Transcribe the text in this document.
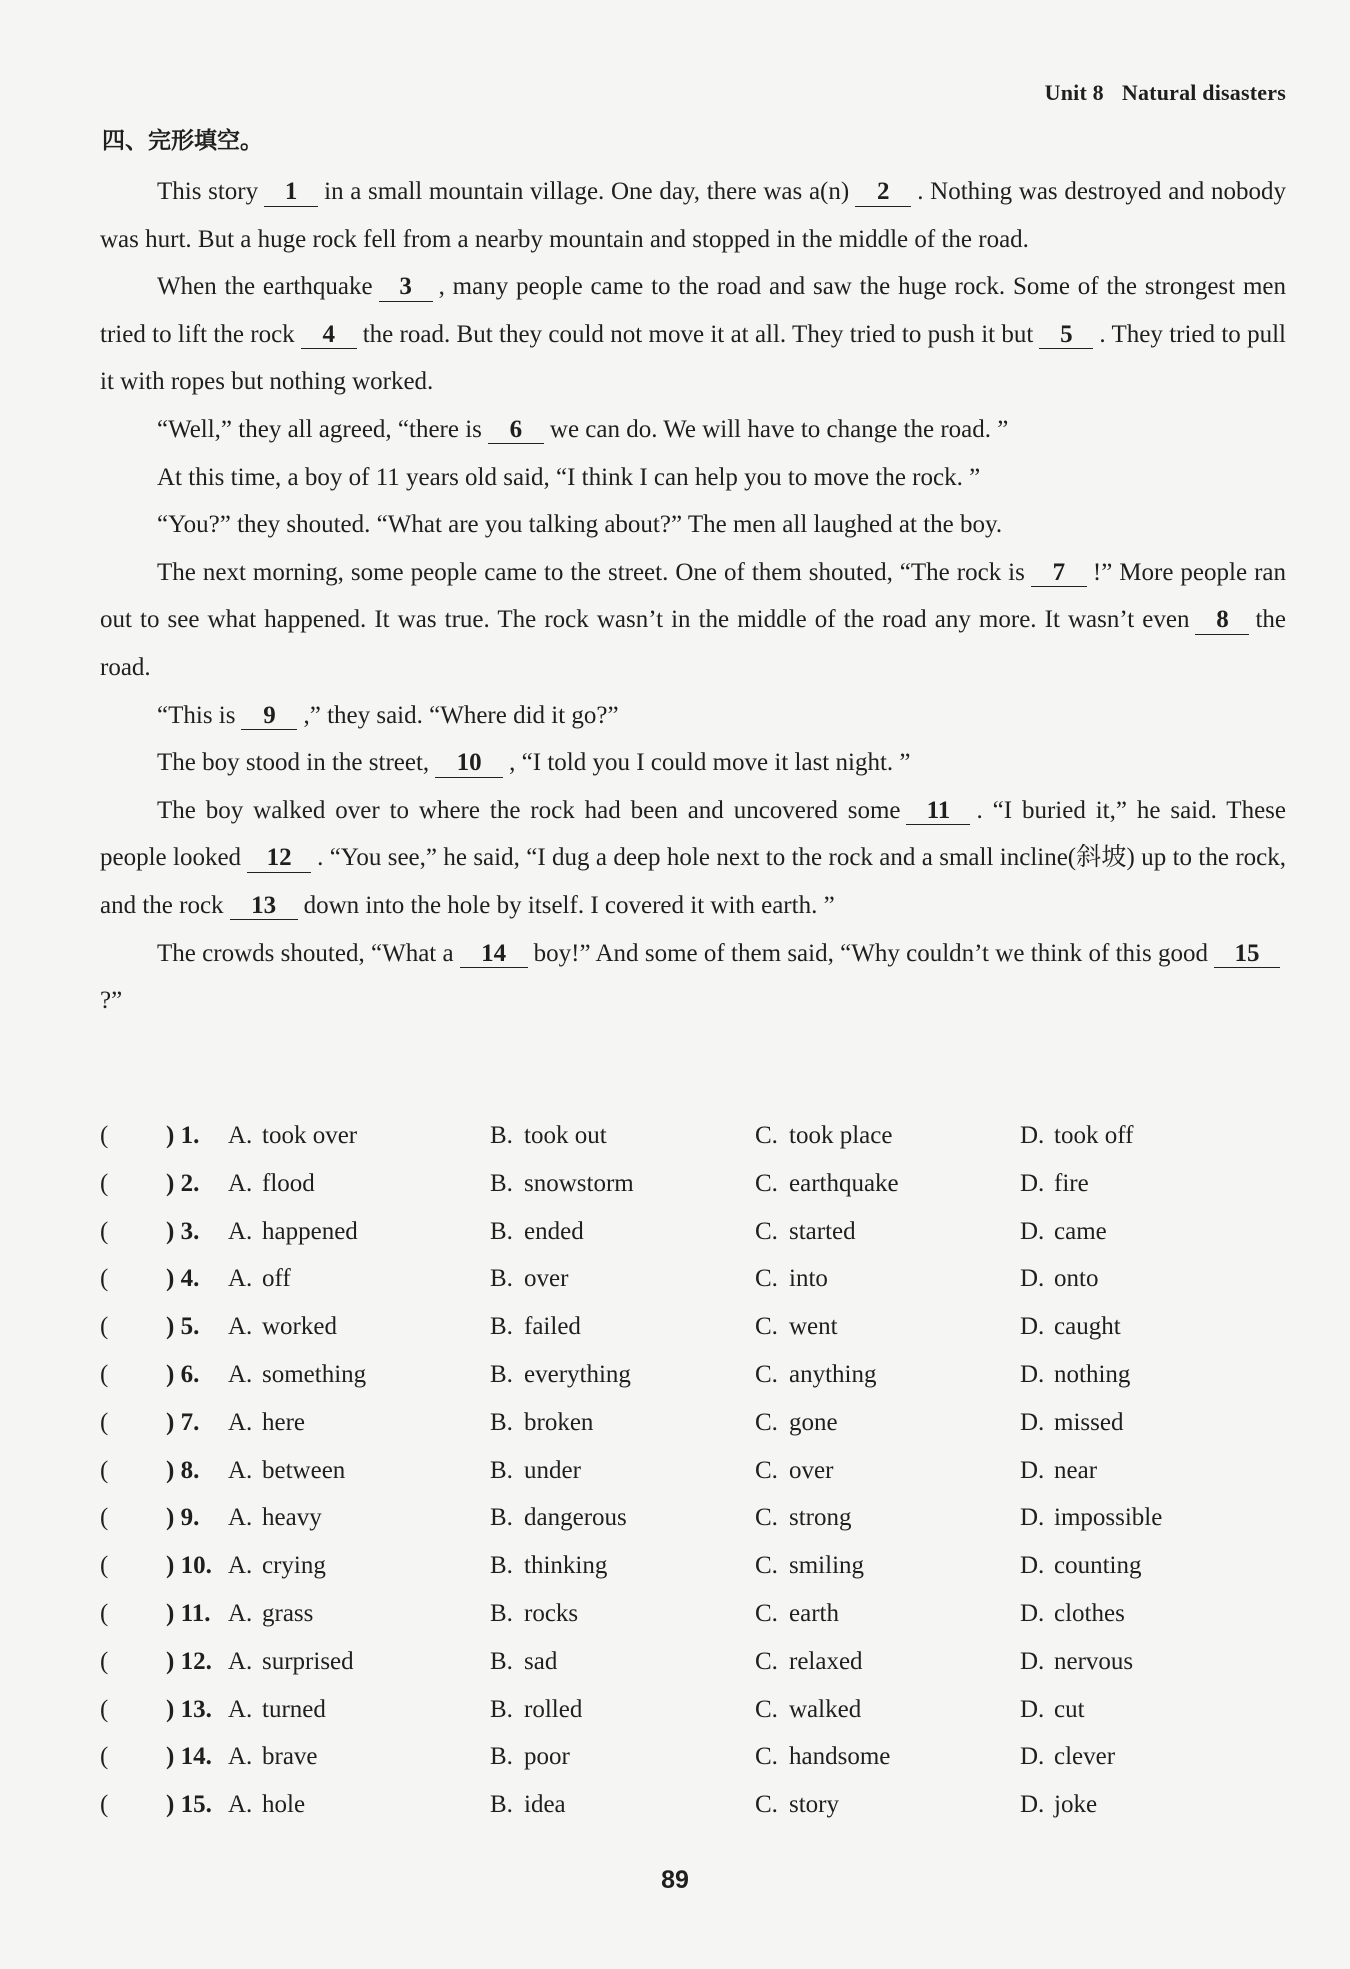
Unit 8 Natural disasters
四、完形填空。

This story 1 in a small mountain village. One day, there was a(n) 2 . Nothing was destroyed and nobody was hurt. But a huge rock fell from a nearby mountain and stopped in the middle of the road.

When the earthquake 3 , many people came to the road and saw the huge rock. Some of the strongest men tried to lift the rock 4 the road. But they could not move it at all. They tried to push it but 5 . They tried to pull it with ropes but nothing worked.

“Well,” they all agreed, “there is 6 we can do. We will have to change the road. ”

At this time, a boy of 11 years old said, “I think I can help you to move the rock. ”

“You?” they shouted. “What are you talking about?” The men all laughed at the boy.

The next morning, some people came to the street. One of them shouted, “The rock is 7 !” More people ran out to see what happened. It was true. The rock wasn’t in the middle of the road any more. It wasn’t even 8 the road.

“This is 9 ,” they said. “Where did it go?”

The boy stood in the street, 10 , “I told you I could move it last night. ”

The boy walked over to where the rock had been and uncovered some 11 . “I buried it,” he said. These people looked 12 . “You see,” he said, “I dug a deep hole next to the rock and a small incline(斜坡) up to the rock, and the rock 13 down into the hole by itself. I covered it with earth. ”

The crowds shouted, “What a 14 boy!” And some of them said, “Why couldn’t we think of this good 15?”

( ) 1. A. took over	B. took out	C. took place	D. took off
( ) 2. A. flood	B. snowstorm	C. earthquake	D. fire
( ) 3. A. happened	B. ended	C. started	D. came
( ) 4. A. off	B. over	C. into	D. onto
( ) 5. A. worked	B. failed	C. went	D. caught
( ) 6. A. something	B. everything	C. anything	D. nothing
( ) 7. A. here	B. broken	C. gone	D. missed
( ) 8. A. between	B. under	C. over	D. near
( ) 9. A. heavy	B. dangerous	C. strong	D. impossible
( ) 10. A. crying	B. thinking	C. smiling	D. counting
( ) 11. A. grass	B. rocks	C. earth	D. clothes
( ) 12. A. surprised	B. sad	C. relaxed	D. nervous
( ) 13. A. turned	B. rolled	C. walked	D. cut
( ) 14. A. brave	B. poor	C. handsome	D. clever
( ) 15. A. hole	B. idea	C. story	D. joke
89
